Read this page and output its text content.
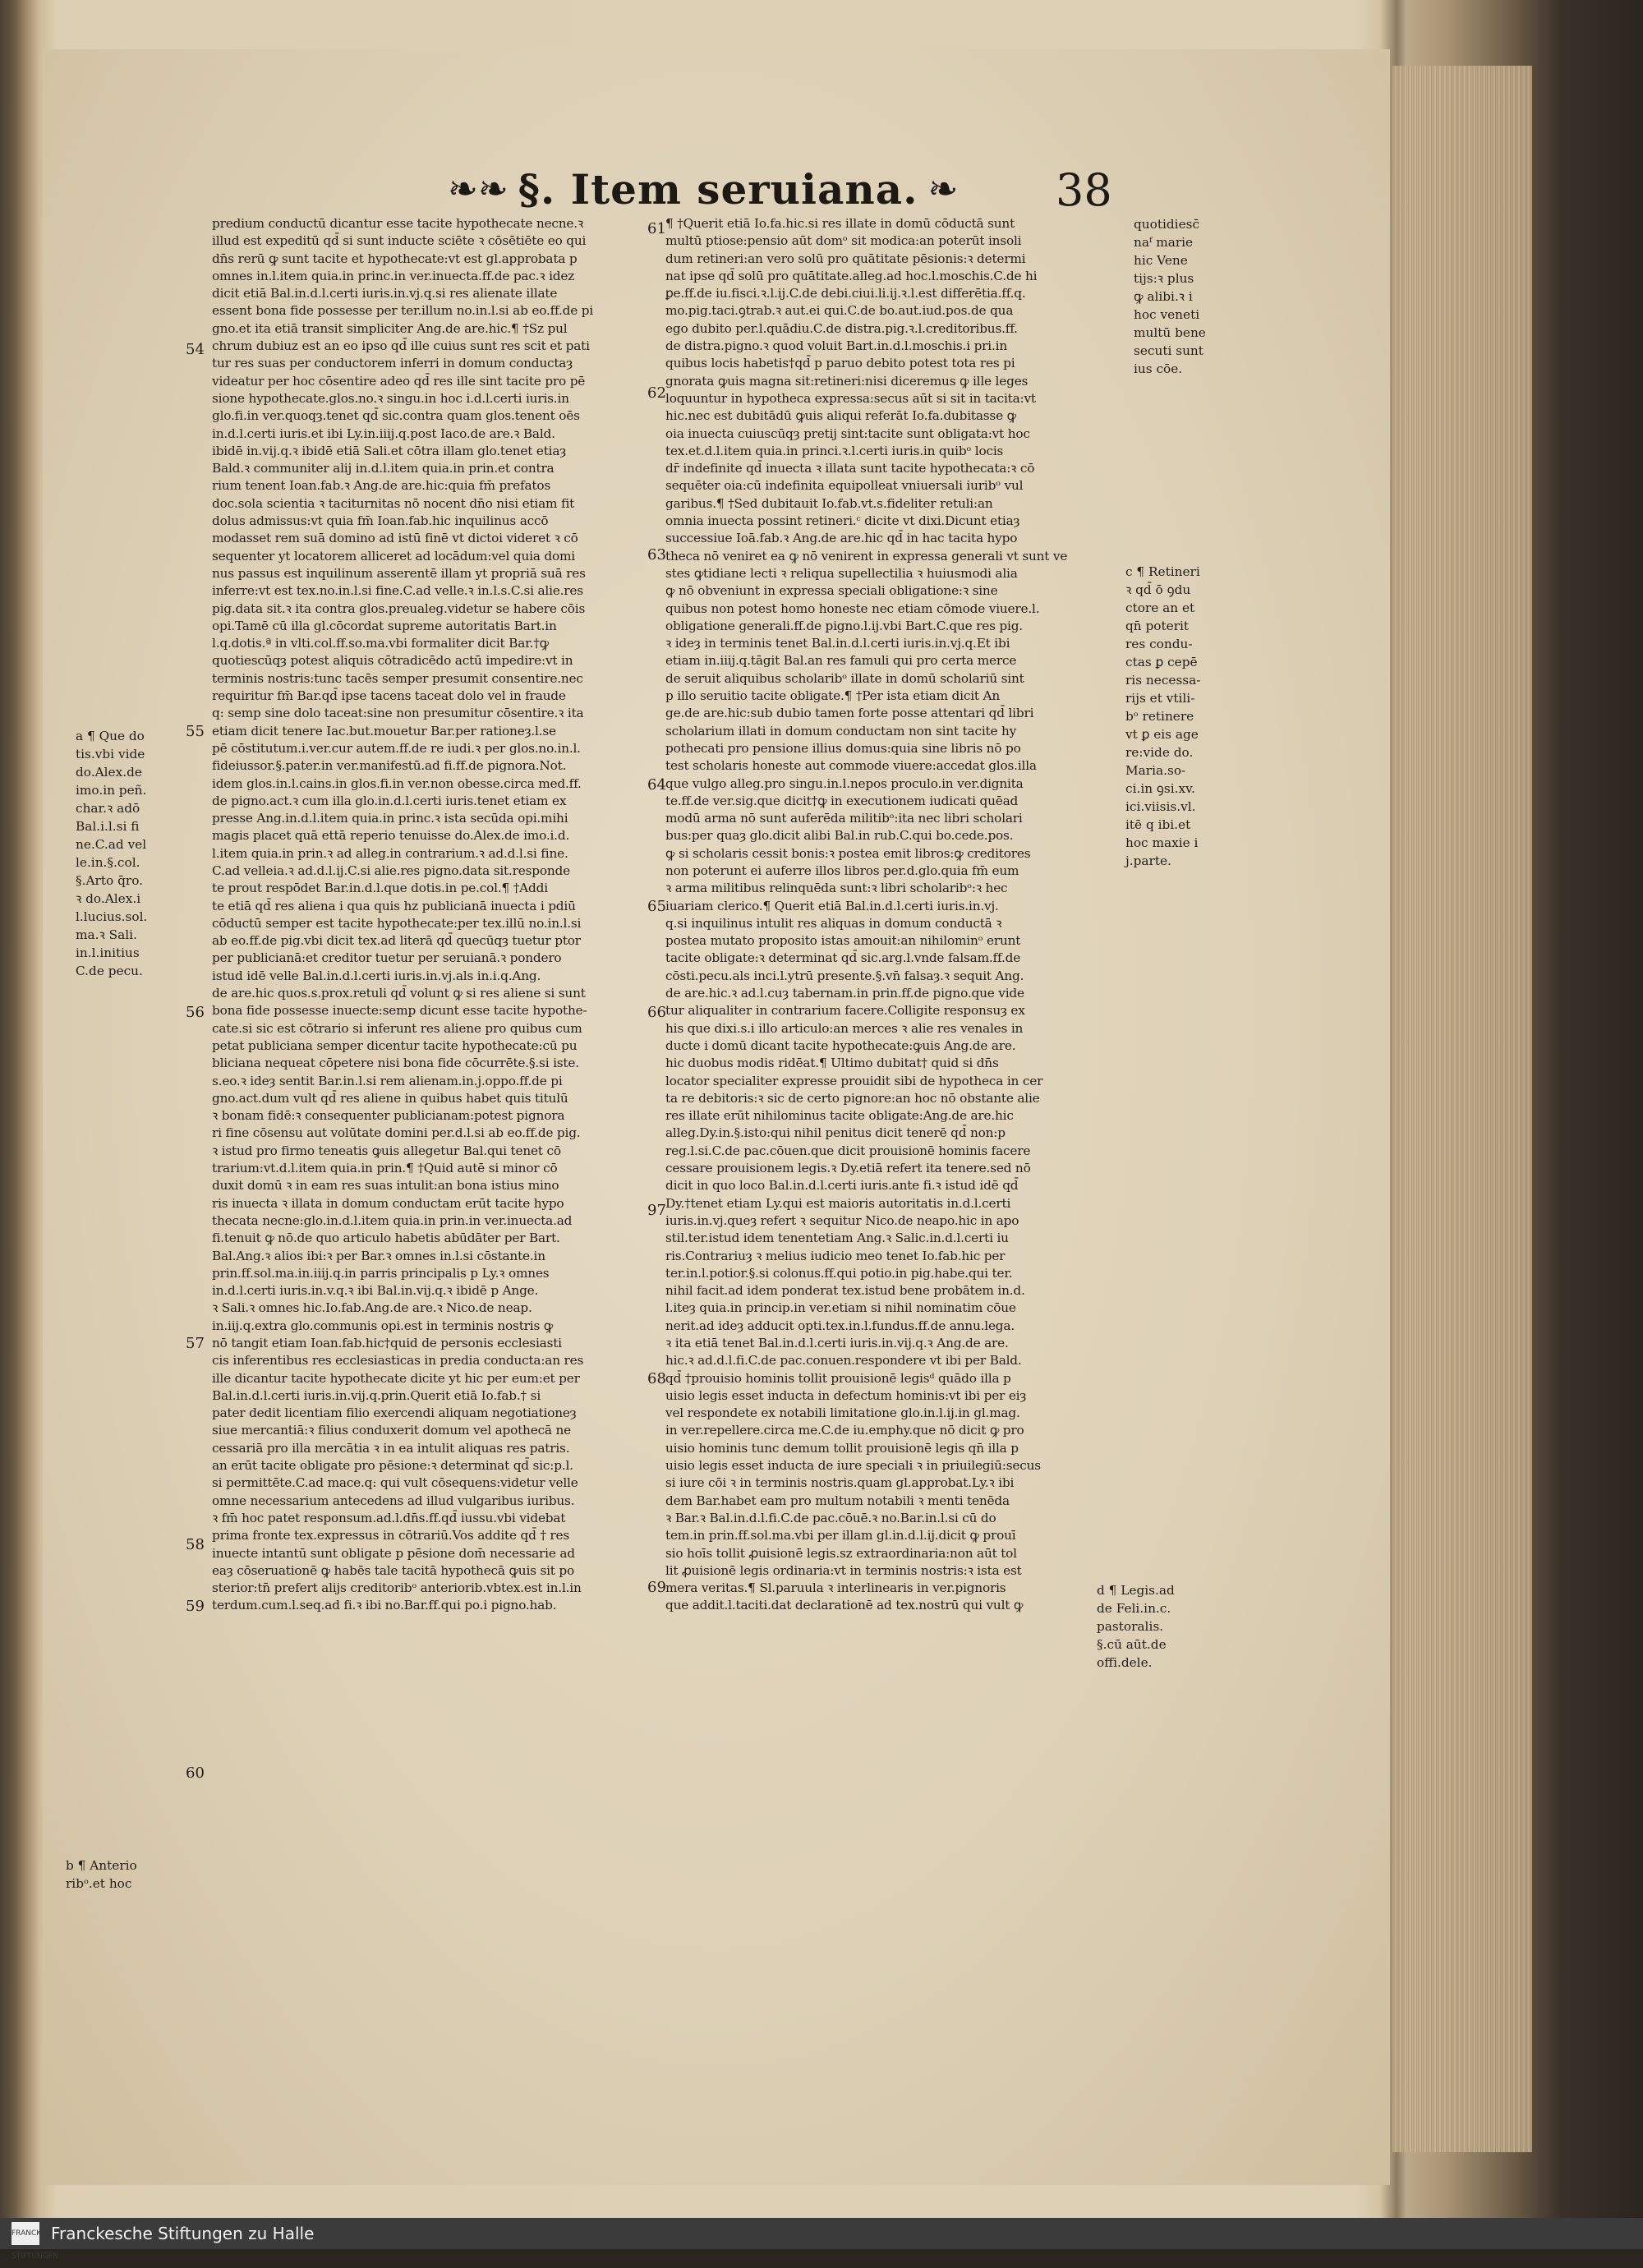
❧❧ §. Item seruiana. ❧ 38
predium conductū dicantur esse tacite hypothecate necne.ꝛ
illud est expeditū qd̄ si sunt inducte sciēte ꝛ cōsētiēte eo qui
dn̄s rerū ꝙ sunt tacite et hypothecate:vt est gl.approbata p
omnes in.l.item quia.in princ.in ver.inuecta.ff.de pac.ꝛ idez
dicit etiā Bal.in.d.l.certi iuris.in.vj.q.si res alienate illate
essent bona fide possesse per ter.illum no.in.l.si ab eo.ff.de pi
gno.et ita etiā transit simpliciter Ang.de are.hic.¶ †Sz pul
chrum dubiuz est an eo ipso qd̄ ille cuius sunt res scit et pati
tur res suas per conductorem inferri in domum conductaȝ
videatur per hoc cōsentire adeo qd̄ res ille sint tacite pro pē
sione hypothecate.glos.no.ꝛ singu.in hoc i.d.l.certi iuris.in
glo.fi.in ver.quoqȝ.tenet qd̄ sic.contra quam glos.tenent oēs
in.d.l.certi iuris.et ibi Ly.in.iiij.q.post Iaco.de are.ꝛ Bald.
ibidē in.vij.q.ꝛ ibidē etiā Sali.et cōtra illam glo.tenet etiaȝ
Bald.ꝛ communiter alij in.d.l.item quia.in prin.et contra
rium tenent Ioan.fab.ꝛ Ang.de are.hic:quia fm̄ prefatos
doc.sola scientia ꝛ taciturnitas nō nocent dn̄o nisi etiam fit
dolus admissus:vt quia fm̄ Ioan.fab.hic inquilinus accō
modasset rem suā domino ad istū finē vt dictoi videret ꝛ cō
sequenter yt locatorem alliceret ad locādum:vel quia domi
nus passus est inquilinum asserentē illam yt propriā suā res
inferre:vt est tex.no.in.l.si fine.C.ad velle.ꝛ in.l.s.C.si alie.res
pig.data sit.ꝛ ita contra glos.preualeg.videtur se habere cōis
opi.Tamē cū illa gl.cōcordat supreme autoritatis Bart.in
l.q.dotis.ª in vlti.col.ff.so.ma.vbi formaliter dicit Bar.†ꝙ
quotiescūqȝ potest aliquis cōtradicēdo actū impedire:vt in
terminis nostris:tunc tacēs semper presumit consentire.nec
requiritur fm̄ Bar.qd̄ ipse tacens taceat dolo vel in fraude
q: semp sine dolo taceat:sine non presumitur cōsentire.ꝛ ita
etiam dicit tenere Iac.but.mouetur Bar.per rationeȝ.l.se
pē cōstitutum.i.ver.cur autem.ff.de re iudi.ꝛ per glos.no.in.l.
fideiussor.§.pater.in ver.manifestū.ad fi.ff.de pignora.Not.
idem glos.in.l.cains.in glos.fi.in ver.non obesse.circa med.ff.
de pigno.act.ꝛ cum illa glo.in.d.l.certi iuris.tenet etiam ex
presse Ang.in.d.l.item quia.in princ.ꝛ ista secūda opi.mihi
magis placet quā ettā reperio tenuisse do.Alex.de imo.i.d.
l.item quia.in prin.ꝛ ad alleg.in contrarium.ꝛ ad.d.l.si fine.
C.ad velleia.ꝛ ad.d.l.ij.C.si alie.res pigno.data sit.responde
te prout respōdet Bar.in.d.l.que dotis.in pe.col.¶ †Addi
te etiā qd̄ res aliena i qua quis hz publicianā inuecta i pdiū
cōductū semper est tacite hypothecate:per tex.illū no.in.l.si
ab eo.ff.de pig.vbi dicit tex.ad literā qd̄ quecūqȝ tuetur ptor
per publicianā:et creditor tuetur per seruianā.ꝛ pondero
istud idē velle Bal.in.d.l.certi iuris.in.vj.als in.i.q.Ang.
de are.hic quos.s.prox.retuli qd̄ volunt ꝙ si res aliene si sunt
bona fide possesse inuecte:semp dicunt esse tacite hypothe-
cate.si sic est cōtrario si inferunt res aliene pro quibus cum
petat publiciana semper dicentur tacite hypothecate:cū pu
bliciana nequeat cōpetere nisi bona fide cōcurrēte.§.si iste.
s.eo.ꝛ ideȝ sentit Bar.in.l.si rem alienam.in.j.oppo.ff.de pi
gno.act.dum vult qd̄ res aliene in quibus habet quis titulū
ꝛ bonam fidē:ꝛ consequenter publicianam:potest pignora
ri fine cōsensu aut volūtate domini per.d.l.si ab eo.ff.de pig.
ꝛ istud pro firmo teneatis ꝙuis allegetur Bal.qui tenet cō
trarium:vt.d.l.item quia.in prin.¶ †Quid autē si minor cō
duxit domū ꝛ in eam res suas intulit:an bona istius mino
ris inuecta ꝛ illata in domum conductam erūt tacite hypo
thecata necne:glo.in.d.l.item quia.in prin.in ver.inuecta.ad
fi.tenuit ꝙ nō.de quo articulo habetis abūdāter per Bart.
Bal.Ang.ꝛ alios ibi:ꝛ per Bar.ꝛ omnes in.l.si cōstante.in
prin.ff.sol.ma.in.iiij.q.in parris principalis p Ly.ꝛ omnes
in.d.l.certi iuris.in.v.q.ꝛ ibi Bal.in.vij.q.ꝛ ibidē p Ange.
ꝛ Sali.ꝛ omnes hic.Io.fab.Ang.de are.ꝛ Nico.de neap.
in.iij.q.extra glo.communis opi.est in terminis nostris ꝙ
nō tangit etiam Ioan.fab.hic†quid de personis ecclesiasti
cis inferentibus res ecclesiasticas in predia conducta:an res
ille dicantur tacite hypothecate dicite yt hic per eum:et per
Bal.in.d.l.certi iuris.in.vij.q.prin.Querit etiā Io.fab.† si
pater dedit licentiam filio exercendi aliquam negotiationeȝ
siue mercantiā:ꝛ filius conduxerit domum vel apothecā ne
cessariā pro illa mercātia ꝛ in ea intulit aliquas res patris.
an erūt tacite obligate pro pēsione:ꝛ determinat qd̄ sic:p.l.
si permittēte.C.ad mace.q: qui vult cōsequens:videtur velle
omne necessarium antecedens ad illud vulgaribus iuribus.
ꝛ fm̄ hoc patet responsum.ad.l.dn̄s.ff.qd̄ iussu.vbi videbat
prima fronte tex.expressus in cōtrariū.Vos addite qd̄ † res
inuecte intantū sunt obligate p pēsione dom̄ necessarie ad
eaȝ cōseruationē ꝙ habēs tale tacitā hypothecā ꝙuis sit po
sterior:tn̄ prefert alijs creditoribᵒ anteriorib.vbtex.est in.l.in
terdum.cum.l.seq.ad fi.ꝛ ibi no.Bar.ff.qui po.i pigno.hab.
¶ †Querit etiā Io.fa.hic.si res illate in domū cōductā sunt
multū ptiose:pensio aūt domᵒ sit modica:an poterūt insoli
dum retineri:an vero solū pro quātitate pēsionis:ꝛ determi
nat ipse qd̄ solū pro quātitate.alleg.ad hoc.l.moschis.C.de hi
ꝑe.ff.de iu.fisci.ꝛ.l.ij.C.de debi.ciui.li.ij.ꝛ.l.est differētia.ff.q.
mo.pig.taci.ꝯtrab.ꝛ aut.ei qui.C.de bo.aut.iud.pos.de qua
ego dubito per.l.quādiu.C.de distra.pig.ꝛ.l.creditoribus.ff.
de distra.pigno.ꝛ quod voluit Bart.in.d.l.moschis.i pri.in
quibus locis habetis†qd̄ p paruo debito potest tota res pi
gnorata ꝙuis magna sit:retineri:nisi diceremus ꝙ ille leges
loquuntur in hypotheca expressa:secus aūt si sit in tacita:vt
hic.nec est dubitādū ꝙuis aliqui referāt Io.fa.dubitasse ꝙ
oia inuecta cuiuscūqȝ pretij sint:tacite sunt obligata:vt hoc
tex.et.d.l.item quia.in princi.ꝛ.l.certi iuris.in quibᵒ locis
dr̄ indefinite qd̄ inuecta ꝛ illata sunt tacite hypothecata:ꝛ cō
sequēter oia:cū indefinita equipolleat vniuersali iuribᵒ vul
garibus.¶ †Sed dubitauit Io.fab.vt.s.fideliter retuli:an
omnia inuecta possint retineri.ᶜ dicite vt dixi.Dicunt etiaȝ
successiue Ioā.fab.ꝛ Ang.de are.hic qd̄ in hac tacita hypo
theca nō veniret ea ꝙ nō venirent in expressa generali vt sunt ve
stes ꝙtidiane lecti ꝛ reliqua supellectilia ꝛ huiusmodi alia
ꝙ nō obveniunt in expressa speciali obligatione:ꝛ sine
quibus non potest homo honeste nec etiam cōmode viuere.l.
obligatione generali.ff.de pigno.l.ij.vbi Bart.C.que res pig.
ꝛ ideȝ in terminis tenet Bal.in.d.l.certi iuris.in.vj.q.Et ibi
etiam in.iiij.q.tāgit Bal.an res famuli qui pro certa merce
de seruit aliquibus scholaribᵒ illate in domū scholariū sint
p illo seruitio tacite obligate.¶ †Per ista etiam dicit An
ge.de are.hic:sub dubio tamen forte posse attentari qd̄ libri
scholarium illati in domum conductam non sint tacite hy
pothecati pro pensione illius domus:quia sine libris nō po
test scholaris honeste aut commode viuere:accedat glos.illa
que vulgo alleg.pro singu.in.l.nepos proculo.in ver.dignita
te.ff.de ver.sig.que dicit†ꝙ in executionem iudicati quēad
modū arma nō sunt auferēda militibᵒ:ita nec libri scholari
bus:per quaȝ glo.dicit alibi Bal.in rub.C.qui bo.cede.pos.
ꝙ si scholaris cessit bonis:ꝛ postea emit libros:ꝙ creditores
non poterunt ei auferre illos libros per.d.glo.quia fm̄ eum
ꝛ arma militibus relinquēda sunt:ꝛ libri scholaribᵒ:ꝛ hec
iuariam clerico.¶ Querit etiā Bal.in.d.l.certi iuris.in.vj.
q.si inquilinus intulit res aliquas in domum conductā ꝛ
postea mutato proposito istas amouit:an nihilominᵒ erunt
tacite obligate:ꝛ determinat qd̄ sic.arg.l.vnde falsam.ff.de
cōsti.pecu.als inci.l.ytrū presente.§.vn̄ falsaȝ.ꝛ sequit Ang.
de are.hic.ꝛ ad.l.cuȝ tabernam.in prin.ff.de pigno.que vide
tur aliqualiter in contrarium facere.Colligite responsuȝ ex
his que dixi.s.i illo articulo:an merces ꝛ alie res venales in
ducte i domū dicant tacite hypothecate:ꝙuis Ang.de are.
hic duobus modis ridēat.¶ Ultimo dubitat† quid si dn̄s
locator specialiter expresse prouidit sibi de hypotheca in cer
ta re debitoris:ꝛ sic de certo pignore:an hoc nō obstante alie
res illate erūt nihilominus tacite obligate:Ang.de are.hic
alleg.Dy.in.§.isto:qui nihil penitus dicit tenerē qd̄ non:p
reg.l.si.C.de pac.cōuen.que dicit prouisionē hominis facere
cessare prouisionem legis.ꝛ Dy.etiā refert ita tenere.sed nō
dicit in quo loco Bal.in.d.l.certi iuris.ante fi.ꝛ istud idē qd̄
Dy.†tenet etiam Ly.qui est maioris autoritatis in.d.l.certi
iuris.in.vj.queȝ refert ꝛ sequitur Nico.de neapo.hic in apo
stil.ter.istud idem tenentetiam Ang.ꝛ Salic.in.d.l.certi iu
ris.Contrariuȝ ꝛ melius iudicio meo tenet Io.fab.hic per
ter.in.l.potior.§.si colonus.ff.qui potio.in pig.habe.qui ter.
nihil facit.ad idem ponderat tex.istud bene probātem in.d.
l.iteȝ quia.in princip.in ver.etiam si nihil nominatim cōue
nerit.ad ideȝ adducit opti.tex.in.l.fundus.ff.de annu.lega.
ꝛ ita etiā tenet Bal.in.d.l.certi iuris.in.vij.q.ꝛ Ang.de are.
hic.ꝛ ad.d.l.fi.C.de pac.conuen.respondere vt ibi per Bald.
qd̄ †prouisio hominis tollit prouisionē legisᵈ quādo illa p
uisio legis esset inducta in defectum hominis:vt ibi per eiȝ
vel respondete ex notabili limitatione glo.in.l.ij.in gl.mag.
in ver.repellere.circa me.C.de iu.emphy.que nō dicit ꝙ pro
uisio hominis tunc demum tollit prouisionē legis qn̄ illa p
uisio legis esset inducta de iure speciali ꝛ in priuilegiū:secus
si iure cōi ꝛ in terminis nostris.quam gl.approbat.Ly.ꝛ ibi
dem Bar.habet eam pro multum notabili ꝛ menti tenēda
ꝛ Bar.ꝛ Bal.in.d.l.fi.C.de pac.cōuē.ꝛ no.Bar.in.l.si cū do
tem.in prin.ff.sol.ma.vbi per illam gl.in.d.l.ij.dicit ꝙ prouī
sio hoīs tollit ꝓuisionē legis.sz extraordinaria:non aūt tol
lit ꝓuisionē legis ordinaria:vt in terminis nostris:ꝛ ista est
mera veritas.¶ Sl.paruula ꝛ interlinearis in ver.pignoris
que addit.l.taciti.dat declarationē ad tex.nostrū qui vult ꝙ
a ¶ Que do
tis.vbi vide
do.Alex.de
imo.in peñ.
char.ꝛ adō
Bal.i.l.si fi
ne.C.ad vel
le.in.§.col.
§.Arto q̄ro.
ꝛ do.Alex.i
l.lucius.sol.
ma.ꝛ Sali.
in.l.initius
C.de pecu.
b ¶ Anterio
ribᵒ.et hoc
quotidiesc̄
naᶠ marie
hic Vene
tijs:ꝛ plus
ꝙ alibi.ꝛ i
hoc veneti
multū bene
secuti sunt
ius cōe.
c ¶ Retineri
ꝛ qd̄ ō ꝯdu
ctore an et
qn̄ poterit
res condu-
ctas ꝑ cepē
ris necessa-
rijs et vtili-
bᵒ retinere
vt ꝑ eis age
re:vide do.
Maria.so-
ci.in ꝯsi.xv.
ici.viisis.vl.
itē q ibi.et
hoc maxie i
j.parte.
d ¶ Legis.ad
de Feli.in.c.
pastoralis.
§.cū aūt.de
offi.dele.
54
55
56
57
58
59
60
61
62
63
64
65
66
97
68
69
FRANCKESCHE STIFTUNGEN
Franckesche Stiftungen zu Halle
